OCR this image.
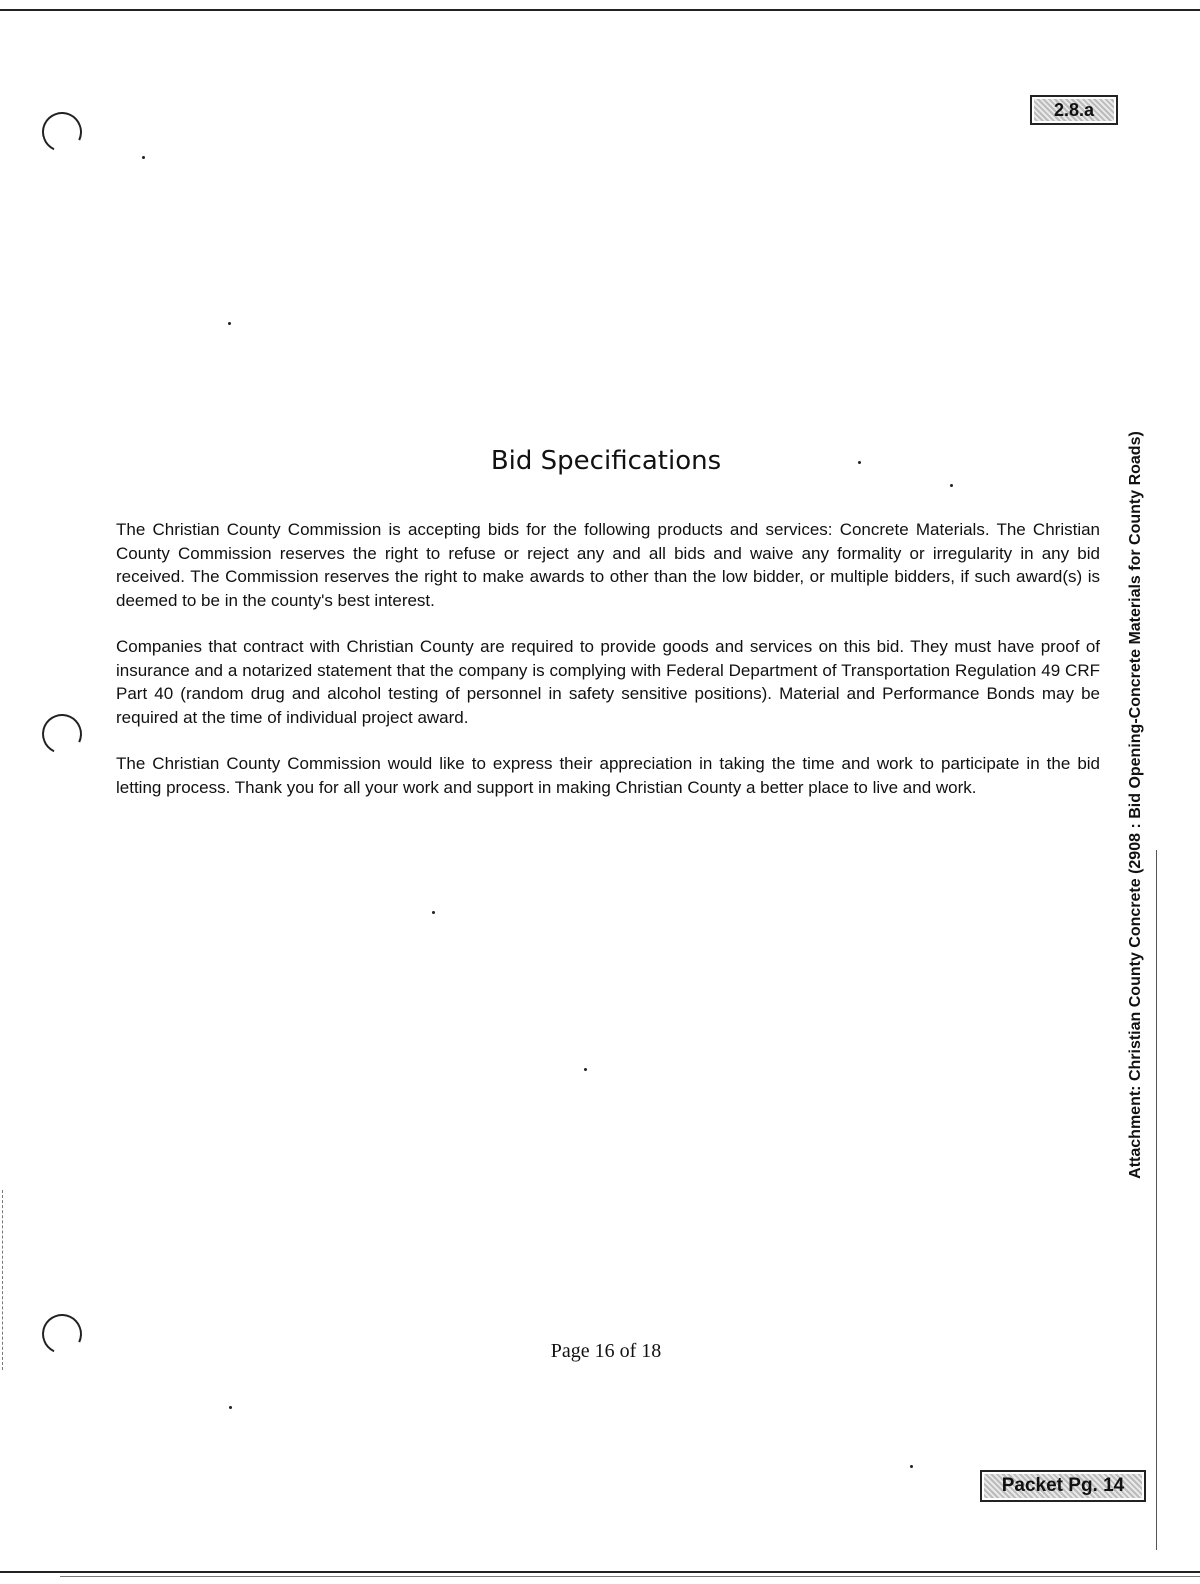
2.8.a
Attachment: Christian County Concrete (2908 : Bid Opening-Concrete Materials for County Roads)
Bid Specifications

The Christian County Commission is accepting bids for the following products and services: Concrete Materials. The Christian County Commission reserves the right to refuse or reject any and all bids and waive any formality or irregularity in any bid received. The Commission reserves the right to make awards to other than the low bidder, or multiple bidders, if such award(s) is deemed to be in the county's best interest.

Companies that contract with Christian County are required to provide goods and services on this bid. They must have proof of insurance and a notarized statement that the company is complying with Federal Department of Transportation Regulation 49 CRF Part 40 (random drug and alcohol testing of personnel in safety sensitive positions). Material and Performance Bonds may be required at the time of individual project award.

The Christian County Commission would like to express their appreciation in taking the time and work to participate in the bid letting process. Thank you for all your work and support in making Christian County a better place to live and work.

Page 16 of 18
Packet Pg. 14
